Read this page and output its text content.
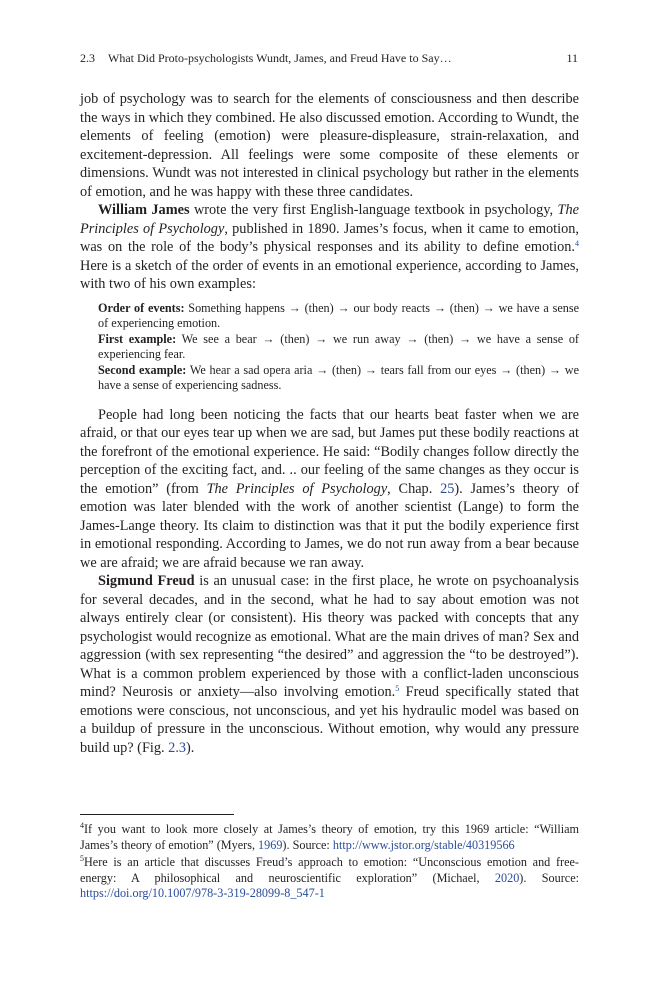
2.3 What Did Proto-psychologists Wundt, James, and Freud Have to Say…	11

job of psychology was to search for the elements of consciousness and then describe the ways in which they combined. He also discussed emotion. According to Wundt, the elements of feeling (emotion) were pleasure-displeasure, strain-relaxation, and excitement-depression. All feelings were some composite of these elements or dimensions. Wundt was not interested in clinical psychology but rather in the elements of emotion, and he was happy with these three candidates.

William James wrote the very first English-language textbook in psychology, The Principles of Psychology, published in 1890. James’s focus, when it came to emotion, was on the role of the body’s physical responses and its ability to define emotion.$^4$ Here is a sketch of the order of events in an emotional experience, according to James, with two of his own examples:

Order of events: Something happens → (then) → our body reacts → (then) → we have a sense of experiencing emotion.
First example: We see a bear → (then) → we run away → (then) → we have a sense of experiencing fear.
Second example: We hear a sad opera aria → (then) → tears fall from our eyes → (then) → we have a sense of experiencing sadness.

People had long been noticing the facts that our hearts beat faster when we are afraid, or that our eyes tear up when we are sad, but James put these bodily reactions at the forefront of the emotional experience. He said: “Bodily changes follow directly the perception of the exciting fact, and. .. our feeling of the same changes as they occur is the emotion” (from The Principles of Psychology, Chap. 25). James’s theory of emotion was later blended with the work of another scientist (Lange) to form the James-Lange theory. Its claim to distinction was that it put the bodily experience first in emotional responding. According to James, we do not run away from a bear because we are afraid; we are afraid because we ran away.

Sigmund Freud is an unusual case: in the first place, he wrote on psychoanalysis for several decades, and in the second, what he had to say about emotion was not always entirely clear (or consistent). His theory was packed with concepts that any psychologist would recognize as emotional. What are the main drives of man? Sex and aggression (with sex representing “the desired” and aggression the “to be destroyed”). What is a common problem experienced by those with a conflict-laden unconscious mind? Neurosis or anxiety—also involving emotion.$^5$ Freud specifically stated that emotions were conscious, not unconscious, and yet his hydraulic model was based on a buildup of pressure in the unconscious. Without emotion, why would any pressure build up? (Fig. 2.3).

$^4$If you want to look more closely at James’s theory of emotion, try this 1969 article: “William James’s theory of emotion” (Myers, 1969). Source: http://www.jstor.org/stable/40319566
$^5$Here is an article that discusses Freud’s approach to emotion: “Unconscious emotion and free-energy: A philosophical and neuroscientific exploration” (Michael, 2020). Source: https://doi.org/10.1007/978-3-319-28099-8_547-1
